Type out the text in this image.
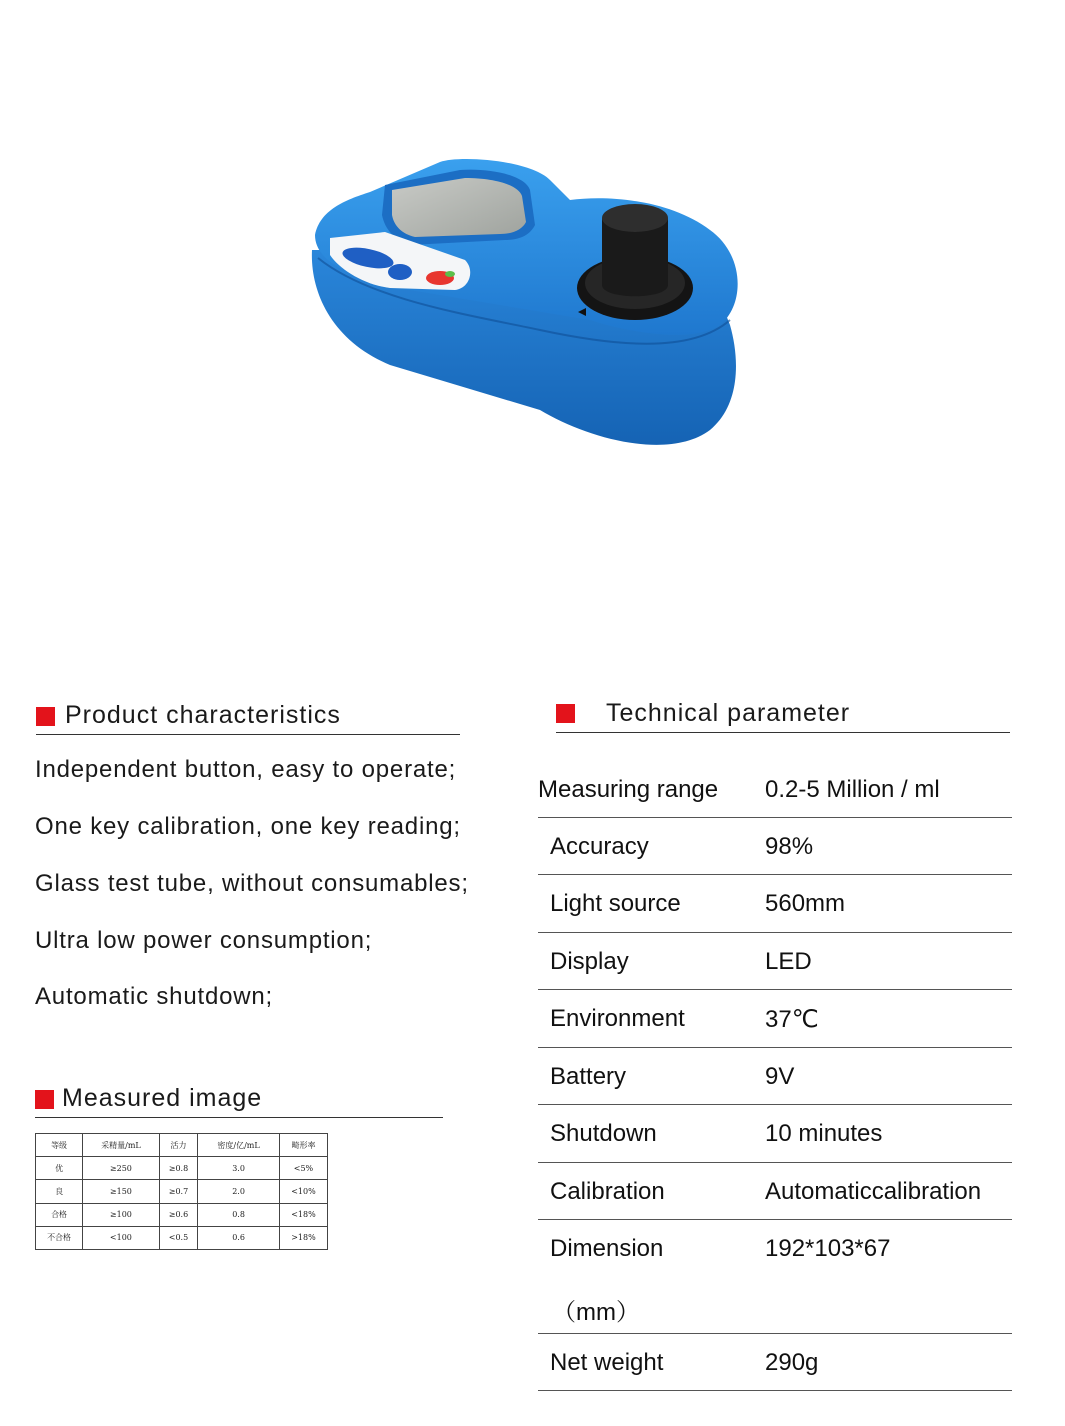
Product characteristics
Independent button, easy to operate;
One key calibration, one key reading;
Glass test tube, without consumables;
Ultra low power consumption;
Automatic shutdown;
Measured image
等级	采精量/mL	活力	密度/亿/mL	畸形率
优	≥250	≥0.8	3.0	<5%
良	≥150	≥0.7	2.0	<10%
合格	≥100	≥0.6	0.8	<18%
不合格	<100	<0.5	0.6	>18%
Technical parameter
Measuring range 0.2-5 Million / ml
Accuracy	98%
Light source	560mm
Display	LED
Environment	37℃
Battery	9V
Shutdown	10 minutes
Calibration	Automaticcalibration
Dimension	192*103*67
（mm）
Net weight	290g
